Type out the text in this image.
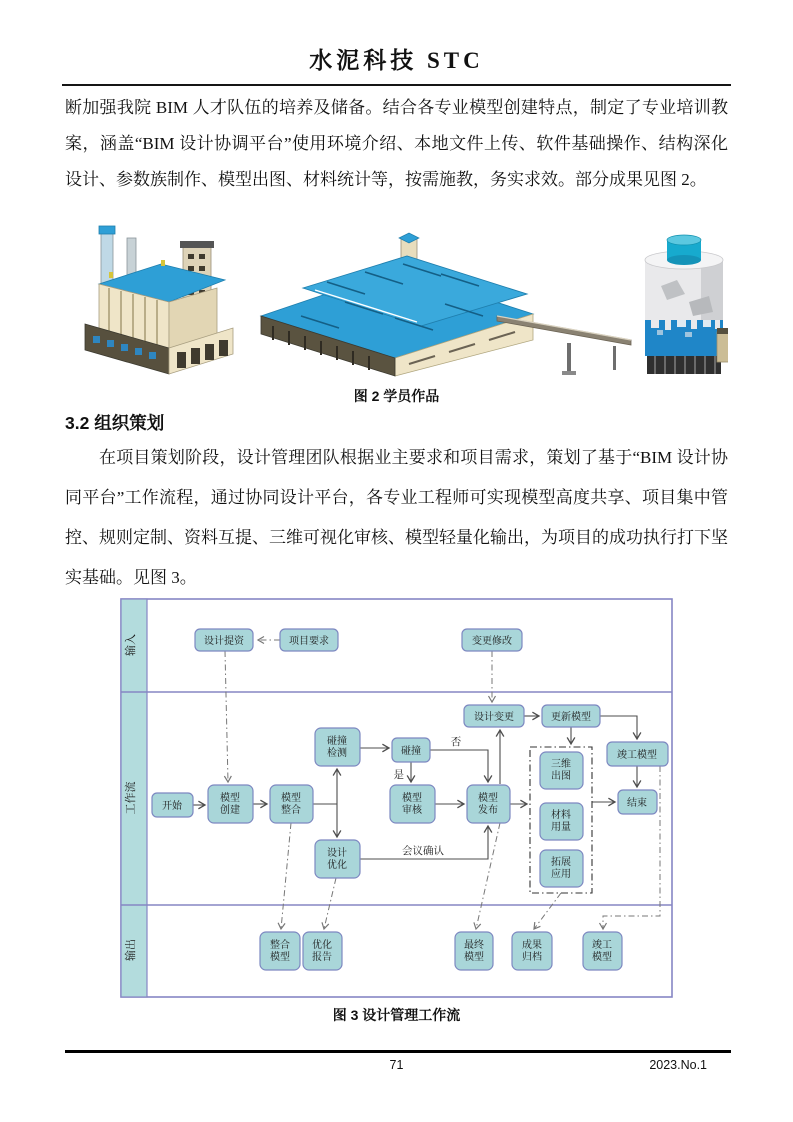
水泥科技 STC
断加强我院 BIM 人才队伍的培养及储备。结合各专业模型创建特点，制定了专业培训教案，涵盖“BIM 设计协调平台”使用环境介绍、本地文件上传、软件基础操作、结构深化设计、参数族制作、模型出图、材料统计等，按需施教，务实求效。部分成果见图 2。
图 2 学员作品
3.2 组织策划
在项目策划阶段，设计管理团队根据业主要求和项目需求，策划了基于“BIM 设计协同平台”工作流程，通过协同设计平台，各专业工程师可实现模型高度共享、项目集中管控、规则定制、资料互提、三维可视化审核、模型轻量化输出，为项目的成功执行打下坚实基础。见图 3。
输入
工作流
输出
否
是
会议确认
设计提资	项目要求	变更修改
开始
模型创建
模型整合
碰撞检测	碰撞
模型审核
模型发布
设计优化
设计变更	更新模型
竣工模型
结束
三维出图
材料用量
拓展应用
整合模型
优化报告
最终模型
成果归档
竣工模型
图 3 设计管理工作流
71	2023.No.1
